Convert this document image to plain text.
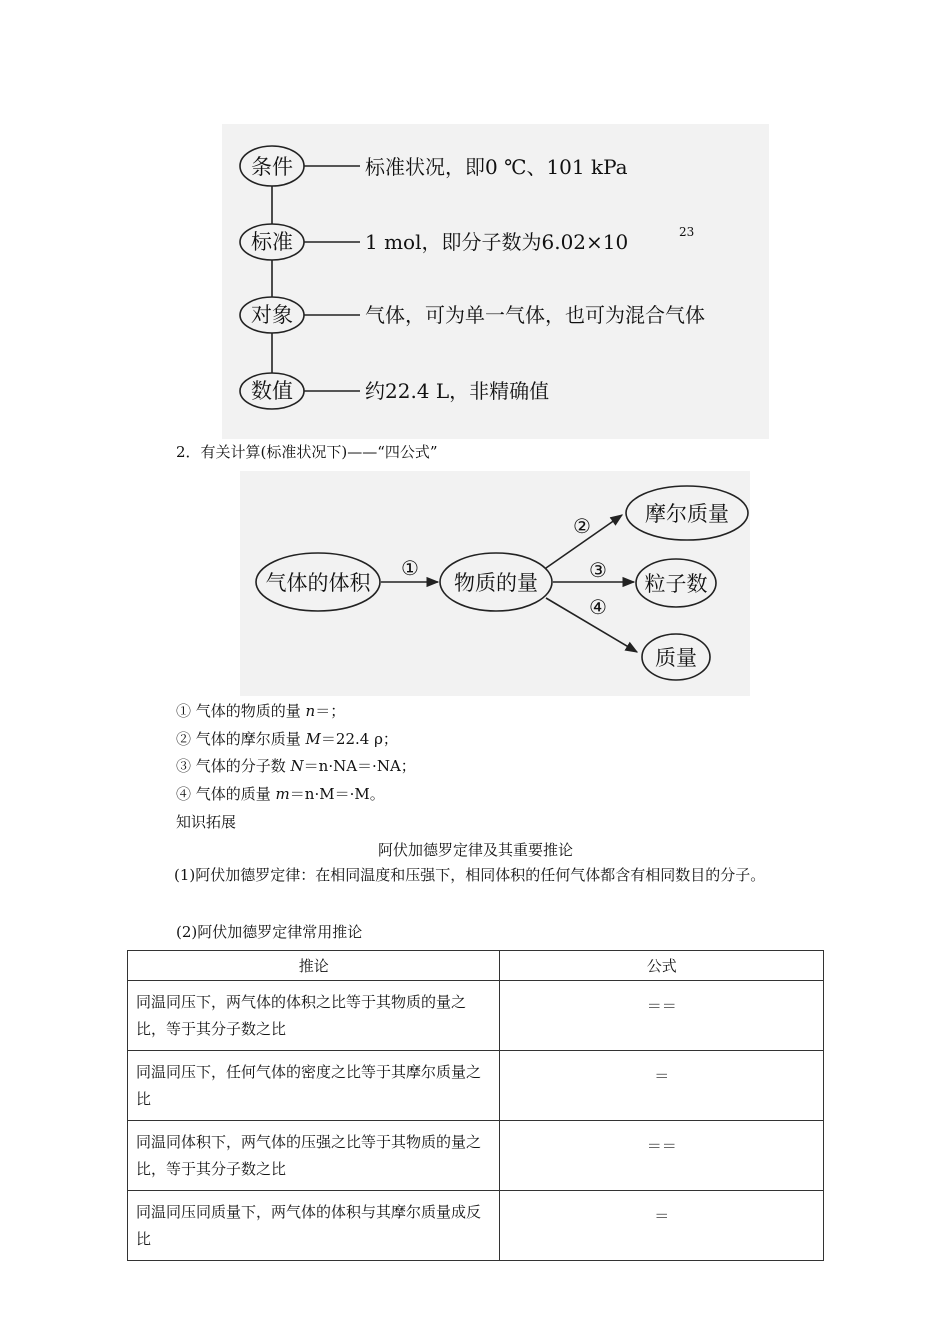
条件	标准状况，即0 ℃、101 kPa
标准	1 mol，即分子数为6.02×10	23
对象	气体，可为单一气体，也可为混合气体
数值	约22.4 L，非精确值
2．有关计算(标准状况下)——“四公式”
气体的体积
①
物质的量
②
③
④
摩尔质量
粒子数
质量
① 气体的物质的量 n＝；
② 气体的摩尔质量 M＝22.4 ρ；
③ 气体的分子数 N＝n·NA＝·NA；
④ 气体的质量 m＝n·M＝·M。
知识拓展
阿伏加德罗定律及其重要推论
(1)阿伏加德罗定律：在相同温度和压强下，相同体积的任何气体都含有相同数目的分子。
(2)阿伏加德罗定律常用推论
推论	公式
同温同压下，两气体的体积之比等于其物质的量之比，等于其分子数之比	＝＝
同温同压下，任何气体的密度之比等于其摩尔质量之比	＝
同温同体积下，两气体的压强之比等于其物质的量之比，等于其分子数之比	＝＝
同温同压同质量下，两气体的体积与其摩尔质量成反比	＝
